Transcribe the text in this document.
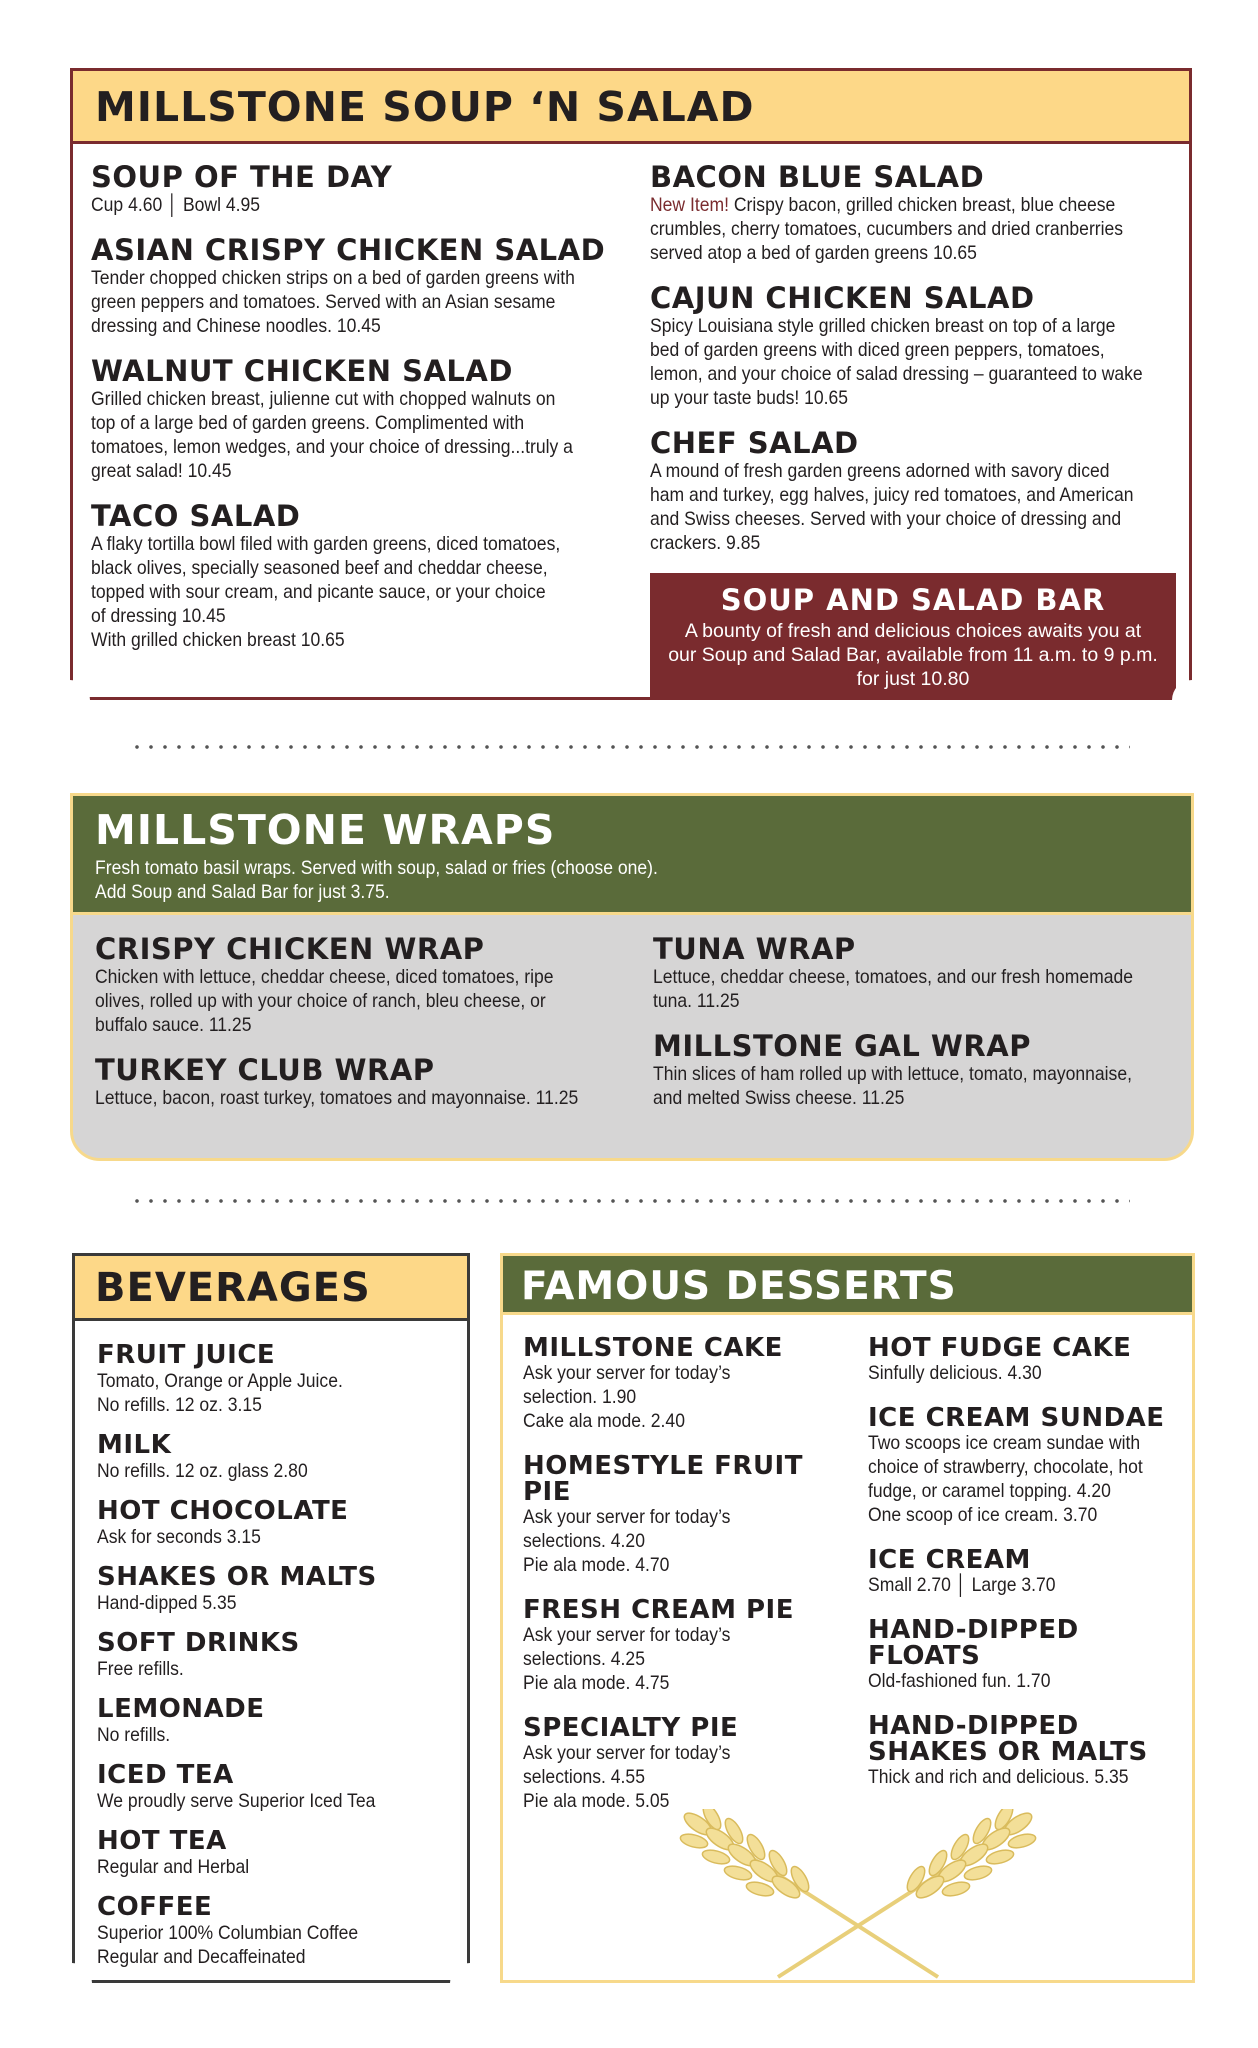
MILLSTONE SOUP ‘N SALAD
SOUP OF THE DAY
Cup 4.60 │ Bowl 4.95
ASIAN CRISPY CHICKEN SALAD
Tender chopped chicken strips on a bed of garden greens with
green peppers and tomatoes. Served with an Asian sesame
dressing and Chinese noodles. 10.45
WALNUT CHICKEN SALAD
Grilled chicken breast, julienne cut with chopped walnuts on
top of a large bed of garden greens. Complimented with
tomatoes, lemon wedges, and your choice of dressing...truly a
great salad! 10.45
TACO SALAD
A flaky tortilla bowl filed with garden greens, diced tomatoes,
black olives, specially seasoned beef and cheddar cheese,
topped with sour cream, and picante sauce, or your choice
of dressing 10.45
With grilled chicken breast 10.65
BACON BLUE SALAD
New Item! Crispy bacon, grilled chicken breast, blue cheese
crumbles, cherry tomatoes, cucumbers and dried cranberries
served atop a bed of garden greens 10.65
CAJUN CHICKEN SALAD
Spicy Louisiana style grilled chicken breast on top of a large
bed of garden greens with diced green peppers, tomatoes,
lemon, and your choice of salad dressing – guaranteed to wake
up your taste buds! 10.65
CHEF SALAD
A mound of fresh garden greens adorned with savory diced
ham and turkey, egg halves, juicy red tomatoes, and American
and Swiss cheeses. Served with your choice of dressing and
crackers. 9.85
SOUP AND SALAD BAR
A bounty of fresh and delicious choices awaits you at
our Soup and Salad Bar, available from 11 a.m. to 9 p.m.
for just 10.80
MILLSTONE WRAPS
Fresh tomato basil wraps. Served with soup, salad or fries (choose one).
Add Soup and Salad Bar for just 3.75.
CRISPY CHICKEN WRAP
Chicken with lettuce, cheddar cheese, diced tomatoes, ripe
olives, rolled up with your choice of ranch, bleu cheese, or
buffalo sauce. 11.25
TURKEY CLUB WRAP
Lettuce, bacon, roast turkey, tomatoes and mayonnaise. 11.25
TUNA WRAP
Lettuce, cheddar cheese, tomatoes, and our fresh homemade
tuna. 11.25
MILLSTONE GAL WRAP
Thin slices of ham rolled up with lettuce, tomato, mayonnaise,
and melted Swiss cheese. 11.25
BEVERAGES
FRUIT JUICE
Tomato, Orange or Apple Juice.
No refills. 12 oz. 3.15
MILK
No refills. 12 oz. glass 2.80
HOT CHOCOLATE
Ask for seconds 3.15
SHAKES OR MALTS
Hand-dipped 5.35
SOFT DRINKS
Free refills.
LEMONADE
No refills.
ICED TEA
We proudly serve Superior Iced Tea
HOT TEA
Regular and Herbal
COFFEE
Superior 100% Columbian Coffee
Regular and Decaffeinated
FAMOUS DESSERTS
MILLSTONE CAKE
Ask your server for today’s
selection. 1.90
Cake ala mode. 2.40
HOMESTYLE FRUIT PIE
Ask your server for today’s
selections. 4.20
Pie ala mode. 4.70
FRESH CREAM PIE
Ask your server for today’s
selections. 4.25
Pie ala mode. 4.75
SPECIALTY PIE
Ask your server for today’s
selections. 4.55
Pie ala mode. 5.05
HOT FUDGE CAKE
Sinfully delicious. 4.30
ICE CREAM SUNDAE
Two scoops ice cream sundae with
choice of strawberry, chocolate, hot
fudge, or caramel topping. 4.20
One scoop of ice cream. 3.70
ICE CREAM
Small 2.70 │ Large 3.70
HAND-DIPPED FLOATS
Old-fashioned fun. 1.70
HAND-DIPPED SHAKES OR MALTS
Thick and rich and delicious. 5.35
